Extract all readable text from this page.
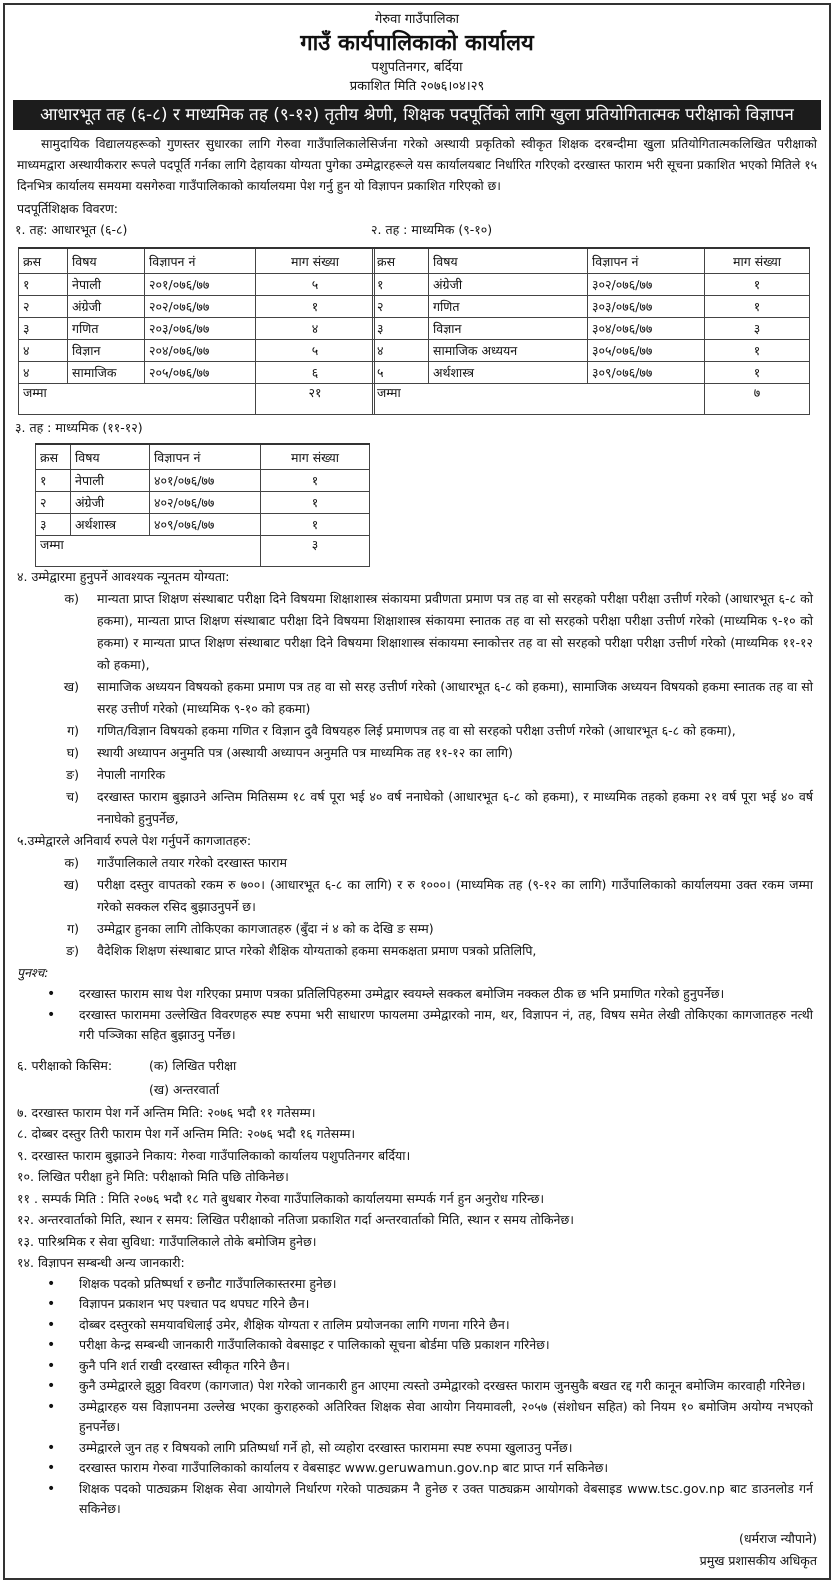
गेरुवा गाउँपालिका
गाउँ कार्यपालिकाको कार्यालय
पशुपतिनगर, बर्दिया
प्रकाशित मिति २०७६।०४।२९
आधारभूत तह (६-८) र माध्यमिक तह (९-१२) तृतीय श्रेणी, शिक्षक पदपूर्तिको लागि खुला प्रतियोगितात्मक परीक्षाको विज्ञापन
सामुदायिक विद्यालयहरूको गुणस्तर सुधारका लागि गेरुवा गाउँपालिकालेसिर्जना गरेको अस्थायी प्रकृतिको स्वीकृत शिक्षक दरबन्दीमा खुला प्रतियोगितात्मकलिखित परीक्षाको माध्यमद्वारा अस्थायीकरार रूपले पदपूर्ति गर्नका लागि देहायका योग्यता पुगेका उम्मेद्वारहरूले यस कार्यालयबाट निर्धारित गरिएको दरखास्त फाराम भरी सूचना प्रकाशित भएको मितिले १५ दिनभित्र कार्यालय समयमा यसगेरुवा गाउँपालिकाको कार्यालयमा पेश गर्नु हुन यो विज्ञापन प्रकाशित गरिएको छ।
पदपूर्तिशिक्षक विवरण:
१. तह: आधारभूत (६-८)
क्रस	विषय	विज्ञापन नं	माग संख्या
१	नेपाली	२०१/०७६/७७	५
२	अंग्रेजी	२०२/०७६/७७	१
३	गणित	२०३/०७६/७७	४
४	विज्ञान	२०४/०७६/७७	५
४	सामाजिक	२०५/०७६/७७	६
जम्मा			२१
२. तह : माध्यमिक (९-१०)
क्रस	विषय	विज्ञापन नं	माग संख्या
१	अंग्रेजी	३०२/०७६/७७	१
२	गणित	३०३/०७६/७७	१
३	विज्ञान	३०४/०७६/७७	३
४	सामाजिक अध्ययन	३०५/०७६/७७	१
५	अर्थशास्त्र	३०९/०७६/७७	१
जम्मा			७
३. तह : माध्यमिक (११-१२)
क्रस	विषय	विज्ञापन नं	माग संख्या
१	नेपाली	४०१/०७६/७७	१
२	अंग्रेजी	४०२/०७६/७७	१
३	अर्थशास्त्र	४०९/०७६/७७	१
जम्मा			३
४. उम्मेद्वारमा हुनुपर्ने आवश्यक न्यूनतम योग्यता:
क)	मान्यता प्राप्त शिक्षण संस्थाबाट परीक्षा दिने विषयमा शिक्षाशास्त्र संकायमा प्रवीणता प्रमाण पत्र तह वा सो सरहको परीक्षा परीक्षा उत्तीर्ण गरेको (आधारभूत ६-८ को हकमा), मान्यता प्राप्त शिक्षण संस्थाबाट परीक्षा दिने विषयमा शिक्षाशास्त्र संकायमा स्नातक तह वा सो सरहको परीक्षा परीक्षा उत्तीर्ण गरेको (माध्यमिक ९-१० को हकमा) र मान्यता प्राप्त शिक्षण संस्थाबाट परीक्षा दिने विषयमा शिक्षाशास्त्र संकायमा स्नाकोत्तर तह वा सो सरहको परीक्षा परीक्षा उत्तीर्ण गरेको (माध्यमिक ११-१२ को हकमा),
ख)	सामाजिक अध्ययन विषयको हकमा प्रमाण पत्र तह वा सो सरह उत्तीर्ण गरेको (आधारभूत ६-८ को हकमा), सामाजिक अध्ययन विषयको हकमा स्नातक तह वा सो सरह उत्तीर्ण गरेको (माध्यमिक ९-१० को हकमा)
ग)	गणित/विज्ञान विषयको हकमा गणित र विज्ञान दुवै विषयहरु लिई प्रमाणपत्र तह वा सो सरहको परीक्षा उत्तीर्ण गरेको (आधारभूत ६-८ को हकमा),
घ)	स्थायी अध्यापन अनुमति पत्र (अस्थायी अध्यापन अनुमति पत्र माध्यमिक तह ११-१२ का लागि)
ङ)	नेपाली नागरिक
च)	दरखास्त फाराम बुझाउने अन्तिम मितिसम्म १८ वर्ष पूरा भई ४० वर्ष ननाघेको (आधारभूत ६-८ को हकमा), र माध्यमिक तहको हकमा २१ वर्ष पूरा भई ४० वर्ष ननाघेको हुनुपर्नेछ,
५.उम्मेद्वारले अनिवार्य रुपले पेश गर्नुपर्ने कागजातहरु:
क)	गाउँपालिकाले तयार गरेको दरखास्त फाराम
ख)	परीक्षा दस्तुर वापतको रकम रु ७००। (आधारभूत ६-८ का लागि) र रु १०००। (माध्यमिक तह (९-१२ का लागि) गाउँपालिकाको कार्यालयमा उक्त रकम जम्मा गरेको सक्कल रसिद बुझाउनुपर्ने छ।
ग)	उम्मेद्वार हुनका लागि तोकिएका कागजातहरु (बुँदा नं ४ को क देखि ङ सम्म)
ङ)	वैदेशिक शिक्षण संस्थाबाट प्राप्त गरेको शैक्षिक योग्यताको हकमा समकक्षता प्रमाण पत्रको प्रतिलिपि,
पुनश्च:
•	दरखास्त फाराम साथ पेश गरिएका प्रमाण पत्रका प्रतिलिपिहरुमा उम्मेद्वार स्वयम्ले सक्कल बमोजिम नक्कल ठीक छ भनि प्रमाणित गरेको हुनुपर्नेछ।
•	दरखास्त फाराममा उल्लेखित विवरणहरु स्पष्ट रुपमा भरी साधारण फायलमा उम्मेद्वारको नाम, थर, विज्ञापन नं, तह, विषय समेत लेखी तोकिएका कागजातहरु नत्थी गरी पञ्जिका सहित बुझाउनु पर्नेछ।
६. परीक्षाको किसिम:	(क) लिखित परीक्षा
(ख) अन्तरवार्ता
७. दरखास्त फाराम पेश गर्ने अन्तिम मिति: २०७६ भदौ ११ गतेसम्म।
८. दोब्बर दस्तुर तिरी फाराम पेश गर्ने अन्तिम मिति: २०७६ भदौ १६ गतेसम्म।
९. दरखास्त फाराम बुझाउने निकाय: गेरुवा गाउँपालिकाको कार्यालय पशुपतिनगर बर्दिया।
१०. लिखित परीक्षा हुने मिति: परीक्षाको मिति पछि तोकिनेछ।
११ . सम्पर्क मिति : मिति २०७६ भदौ १८ गते बुधबार गेरुवा गाउँपालिकाको कार्यालयमा सम्पर्क गर्न हुन अनुरोध गरिन्छ।
१२. अन्तरवार्ताको मिति, स्थान र समय: लिखित परीक्षाको नतिजा प्रकाशित गर्दा अन्तरवार्ताको मिति, स्थान र समय तोकिनेछ।
१३. पारिश्रमिक र सेवा सुविधा: गाउँपालिकाले तोके बमोजिम हुनेछ।
१४. विज्ञापन सम्बन्धी अन्य जानकारी:
•	शिक्षक पदको प्रतिष्पर्धा र छनौट गाउँपालिकास्तरमा हुनेछ।
•	विज्ञापन प्रकाशन भए पश्चात पद थपघट गरिने छैन।
•	दोब्बर दस्तुरको समयावधिलाई उमेर, शैक्षिक योग्यता र तालिम प्रयोजनका लागि गणना गरिने छैन।
•	परीक्षा केन्द्र सम्बन्धी जानकारी गाउँपालिकाको वेबसाइट र पालिकाको सूचना बोर्डमा पछि प्रकाशन गरिनेछ।
•	कुनै पनि शर्त राखी दरखास्त स्वीकृत गरिने छैन।
•	कुनै उम्मेद्वारले झुठ्ठा विवरण (कागजात) पेश गरेको जानकारी हुन आएमा त्यस्तो उम्मेद्वारको दरखस्त फाराम जुनसुकै बखत रद्द गरी कानून बमोजिम कारवाही गरिनेछ।
•	उम्मेद्वारहरु यस विज्ञापनमा उल्लेख भएका कुराहरुको अतिरिक्त शिक्षक सेवा आयोग नियमावली, २०५७ (संशोधन सहित) को नियम १० बमोजिम अयोग्य नभएको हुनपर्नेछ।
•	उम्मेद्वारले जुन तह र विषयको लागि प्रतिष्पर्धा गर्ने हो, सो व्यहोरा दरखास्त फाराममा स्पष्ट रुपमा खुलाउनु पर्नेछ।
•	दरखास्त फाराम गेरुवा गाउँपालिकाको कार्यालय र वेबसाइट www.geruwamun.gov.np बाट प्राप्त गर्न सकिनेछ।
•	शिक्षक पदको पाठ्यक्रम शिक्षक सेवा आयोगले निर्धारण गरेको पाठ्यक्रम नै हुनेछ र उक्त पाठ्यक्रम आयोगको वेबसाइड www.tsc.gov.np बाट डाउनलोड गर्न सकिनेछ।
(धर्मराज न्यौपाने)
प्रमुख प्रशासकीय अधिकृत
